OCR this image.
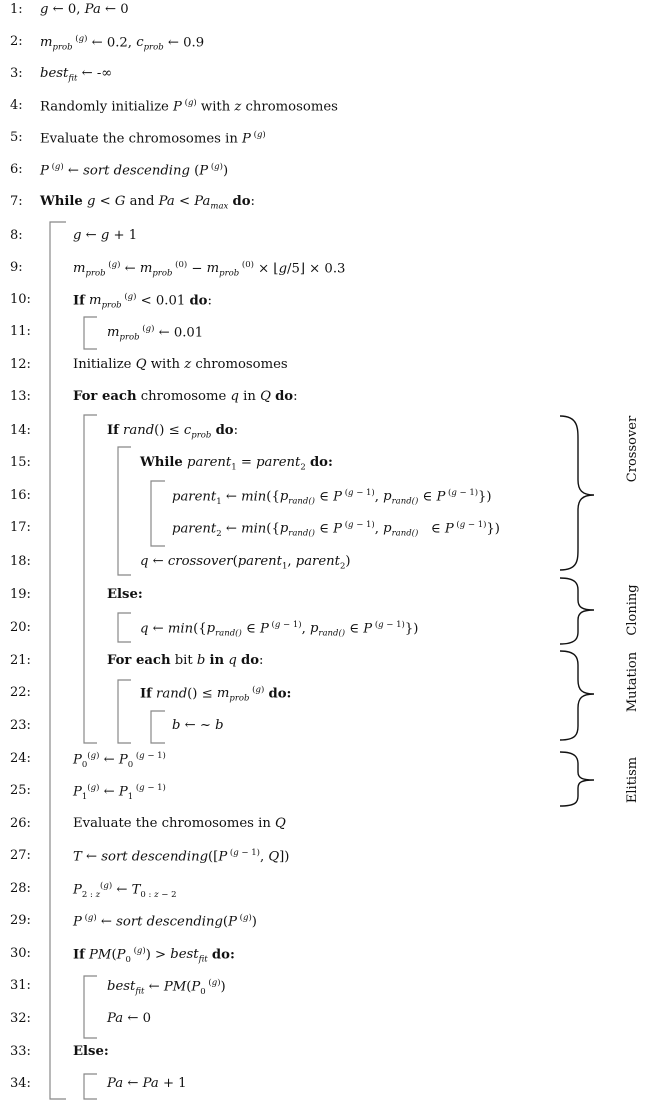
1:	g ← 0, Pa ← 0
2:	$m_{prob}$ $^{(g)}$ ← 0.2, $c_{prob}$ ← 0.9
3:	best$_{fit}$ ← -∞
4:	Randomly initialize P $^{(g)}$ with z chromosomes
5:	Evaluate the chromosomes in P $^{(g)}$
6:	P $^{(g)}$ ← sort descending (P $^{(g)}$)
7:	While g < G and $Pa < Pa_{max}$ do:
8:	g ← g + 1
9:	$m_{prob}$ $^{(g)}$ ← $m_{prob}$ $^{(0)} - m_{prob}$ $^{(0)}$ × ⌊g/5⌋ × 0.3
10:	If $m_{prob}$ $^{(g)}$ < 0.01 do:
11:	$m_{prob}$ $^{(g)}$ ← 0.01
12:	Initialize Q with z chromosomes
13:	For each chromosome q in Q do:
14:	If rand() ≤ $c_{prob}$ do:
15:	While parent$_1$ = parent$_2$ do:
16:	parent$_1$ ← $\min(\{p_{rand()}$ ∈ P $^{(g - 1)}$, $p_{rand()}$ ∈ P $^{(g - 1)}$})
17:	parent$_2$ ← $\min(\{p_{rand()}$ ∈ P $^{(g - 1)}$, $p_{rand()}$   ∈ P $^{(g - 1)}$})
18:	q ← crossover(parent$_1$, parent$_2$)
19:	Else:
20:	q ← $\min(\{p_{rand()}$ ∈ P $^{(g - 1)}$, $p_{rand()}$ ∈ P $^{(g - 1)}$})
21:	For each bit b in q do:
22:	If rand() ≤ $m_{prob}$ $^{(g)}$ do:
23:	b ← ~ b
24:	$P_0^{(g)}$ ← $P_0$ $^{(g - 1)}$
25:	$P_1^{(g)}$ ← $P_1$ $^{(g - 1)}$
26:	Evaluate the chromosomes in Q
27:	T ← sort descending([P $^{(g - 1)}$, Q])
28:	$P_{2 : z}^{(g)}$ ← $T_{0 : z - 2}$
29:	P $^{(g)}$ ← sort descending(P $^{(g)}$)
30:	If $PM(P_0$ $^{(g)}$) > best$_{fit}$ do:
31:	best$_{fit}$ ← $PM(P_0$ $^{(g)}$)
32:	Pa ← 0
33:	Else:
34:	Pa ← Pa + 1
Crossover
Cloning
Mutation
Elitism
